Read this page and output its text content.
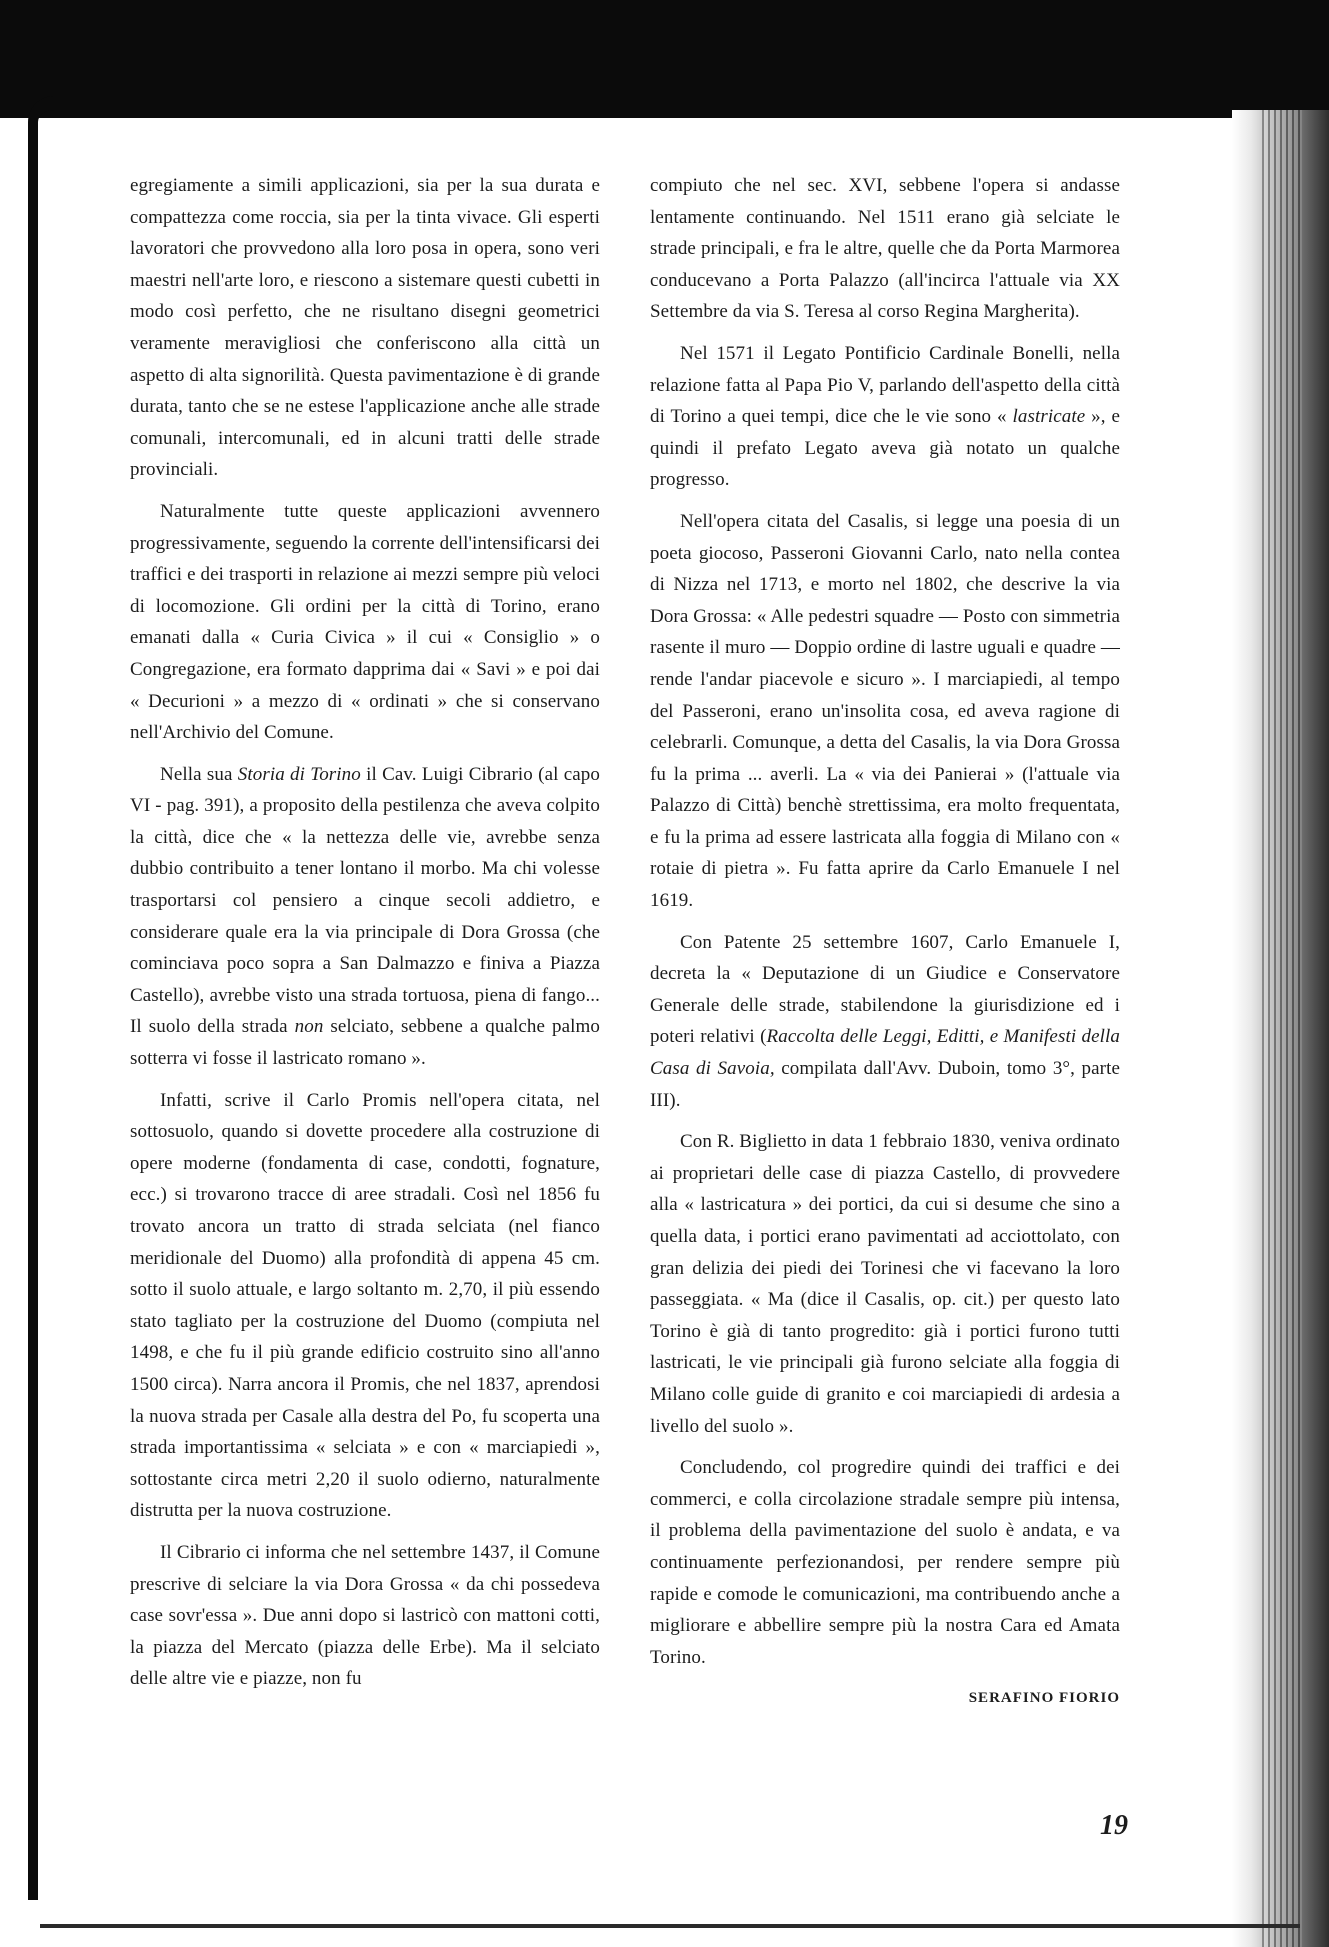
egregiamente a simili applicazioni, sia per la sua durata e compattezza come roccia, sia per la tinta vivace. Gli esperti lavoratori che provvedono alla loro posa in opera, sono veri maestri nell'arte loro, e riescono a sistemare questi cubetti in modo così perfetto, che ne risultano disegni geometrici veramente meravigliosi che conferiscono alla città un aspetto di alta signorilità. Questa pavimentazione è di grande durata, tanto che se ne estese l'applicazione anche alle strade comunali, intercomunali, ed in alcuni tratti delle strade provinciali.

Naturalmente tutte queste applicazioni avvennero progressivamente, seguendo la corrente dell'intensificarsi dei traffici e dei trasporti in relazione ai mezzi sempre più veloci di locomozione. Gli ordini per la città di Torino, erano emanati dalla « Curia Civica » il cui « Consiglio » o Congregazione, era formato dapprima dai « Savi » e poi dai « Decurioni » a mezzo di « ordinati » che si conservano nell'Archivio del Comune.

Nella sua Storia di Torino il Cav. Luigi Cibrario (al capo VI - pag. 391), a proposito della pestilenza che aveva colpito la città, dice che « la nettezza delle vie, avrebbe senza dubbio contribuito a tener lontano il morbo. Ma chi volesse trasportarsi col pensiero a cinque secoli addietro, e considerare quale era la via principale di Dora Grossa (che cominciava poco sopra a San Dalmazzo e finiva a Piazza Castello), avrebbe visto una strada tortuosa, piena di fango... Il suolo della strada non selciato, sebbene a qualche palmo sotterra vi fosse il lastricato romano ».

Infatti, scrive il Carlo Promis nell'opera citata, nel sottosuolo, quando si dovette procedere alla costruzione di opere moderne (fondamenta di case, condotti, fognature, ecc.) si trovarono tracce di aree stradali. Così nel 1856 fu trovato ancora un tratto di strada selciata (nel fianco meridionale del Duomo) alla profondità di appena 45 cm. sotto il suolo attuale, e largo soltanto m. 2,70, il più essendo stato tagliato per la costruzione del Duomo (compiuta nel 1498, e che fu il più grande edificio costruito sino all'anno 1500 circa). Narra ancora il Promis, che nel 1837, aprendosi la nuova strada per Casale alla destra del Po, fu scoperta una strada importantissima « selciata » e con « marciapiedi », sottostante circa metri 2,20 il suolo odierno, naturalmente distrutta per la nuova costruzione.

Il Cibrario ci informa che nel settembre 1437, il Comune prescrive di selciare la via Dora Grossa « da chi possedeva case sovr'essa ». Due anni dopo si lastricò con mattoni cotti, la piazza del Mercato (piazza delle Erbe). Ma il selciato delle altre vie e piazze, non fu

compiuto che nel sec. XVI, sebbene l'opera si andasse lentamente continuando. Nel 1511 erano già selciate le strade principali, e fra le altre, quelle che da Porta Marmorea conducevano a Porta Palazzo (all'incirca l'attuale via XX Settembre da via S. Teresa al corso Regina Margherita).

Nel 1571 il Legato Pontificio Cardinale Bonelli, nella relazione fatta al Papa Pio V, parlando dell'aspetto della città di Torino a quei tempi, dice che le vie sono « lastricate », e quindi il prefato Legato aveva già notato un qualche progresso.

Nell'opera citata del Casalis, si legge una poesia di un poeta giocoso, Passeroni Giovanni Carlo, nato nella contea di Nizza nel 1713, e morto nel 1802, che descrive la via Dora Grossa: « Alle pedestri squadre — Posto con simmetria rasente il muro — Doppio ordine di lastre uguali e quadre — rende l'andar piacevole e sicuro ». I marciapiedi, al tempo del Passeroni, erano un'insolita cosa, ed aveva ragione di celebrarli. Comunque, a detta del Casalis, la via Dora Grossa fu la prima ... averli. La « via dei Panierai » (l'attuale via Palazzo di Città) benchè strettissima, era molto frequentata, e fu la prima ad essere lastricata alla foggia di Milano con « rotaie di pietra ». Fu fatta aprire da Carlo Emanuele I nel 1619.

Con Patente 25 settembre 1607, Carlo Emanuele I, decreta la « Deputazione di un Giudice e Conservatore Generale delle strade, stabilendone la giurisdizione ed i poteri relativi (Raccolta delle Leggi, Editti, e Manifesti della Casa di Savoia, compilata dall'Avv. Duboin, tomo 3°, parte III).

Con R. Biglietto in data 1 febbraio 1830, veniva ordinato ai proprietari delle case di piazza Castello, di provvedere alla « lastricatura » dei portici, da cui si desume che sino a quella data, i portici erano pavimentati ad acciottolato, con gran delizia dei piedi dei Torinesi che vi facevano la loro passeggiata. « Ma (dice il Casalis, op. cit.) per questo lato Torino è già di tanto progredito: già i portici furono tutti lastricati, le vie principali già furono selciate alla foggia di Milano colle guide di granito e coi marciapiedi di ardesia a livello del suolo ».

Concludendo, col progredire quindi dei traffici e dei commerci, e colla circolazione stradale sempre più intensa, il problema della pavimentazione del suolo è andata, e va continuamente perfezionandosi, per rendere sempre più rapide e comode le comunicazioni, ma contribuendo anche a migliorare e abbellire sempre più la nostra Cara ed Amata Torino.

SERAFINO FIORIO
19
